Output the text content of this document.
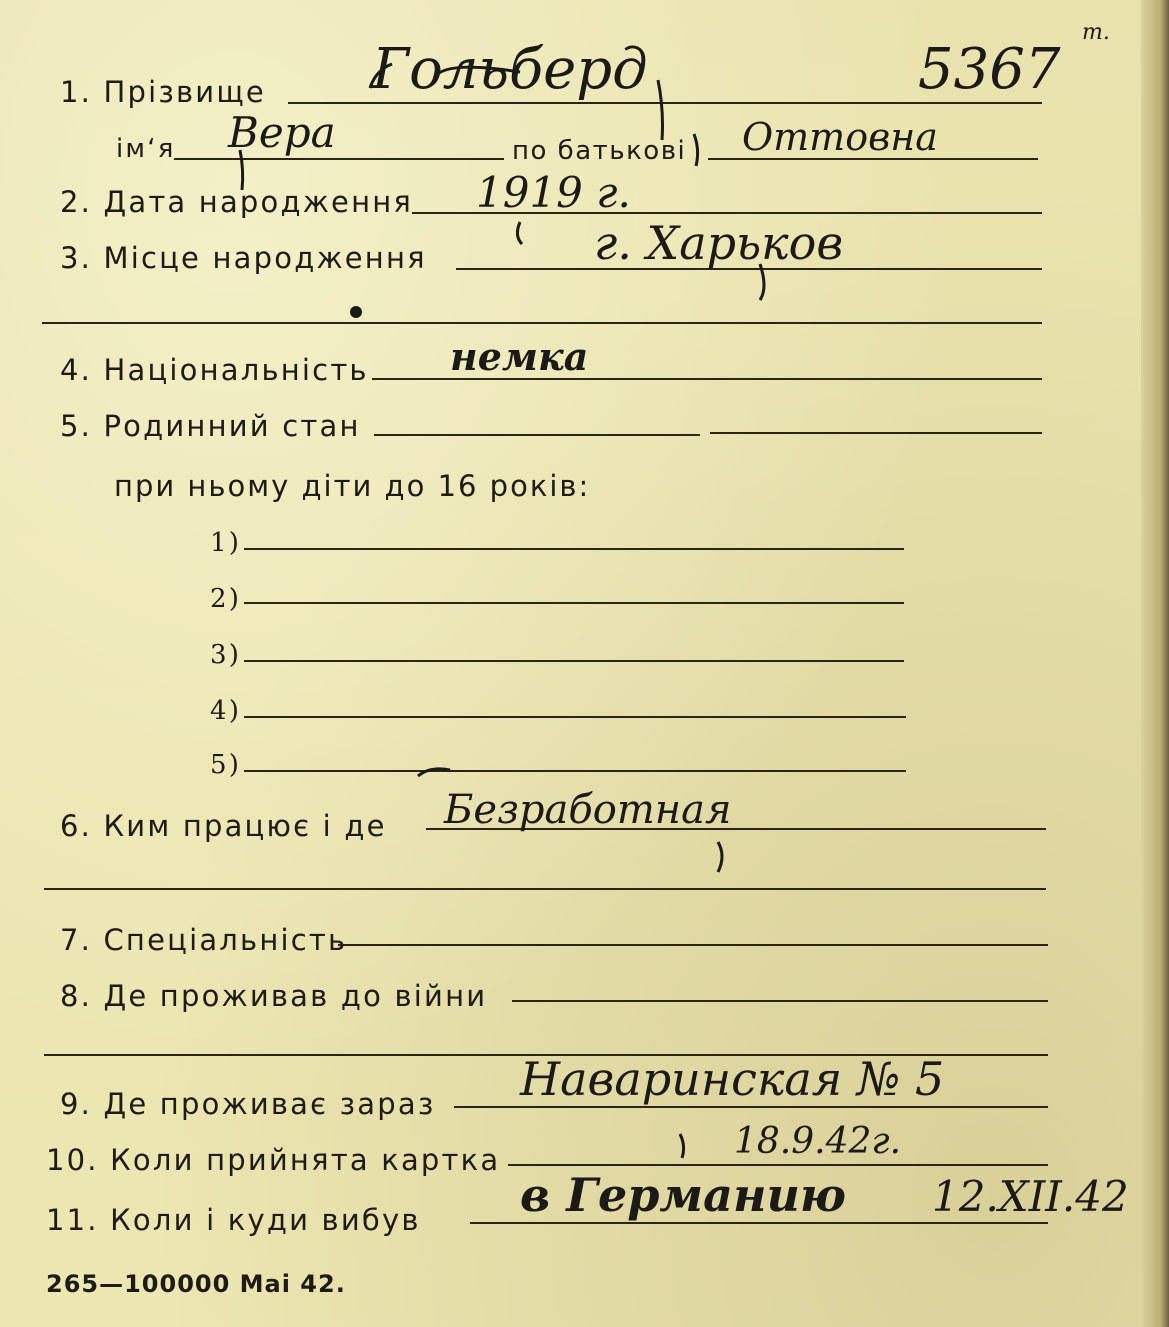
5367
т.
1. Прізвище Гольберд
ім‘я Вера	по батькові Оттовна
2. Дата народження 1919 г.
3. Місце народження	г. Харьков
4. Національність немка
5. Родинний стан
при ньому діти до 16 років:
1)
2)
3)
4)
5)
6. Ким працює і де Безработная
7. Спеціальність
8. Де проживав до війни
9. Де проживає зараз Наваринская № 5
10. Коли прийнята картка	18.9.42г.
11. Коли і куди вибув в Германию 12.XII.42
265—100000 Mai 42.
